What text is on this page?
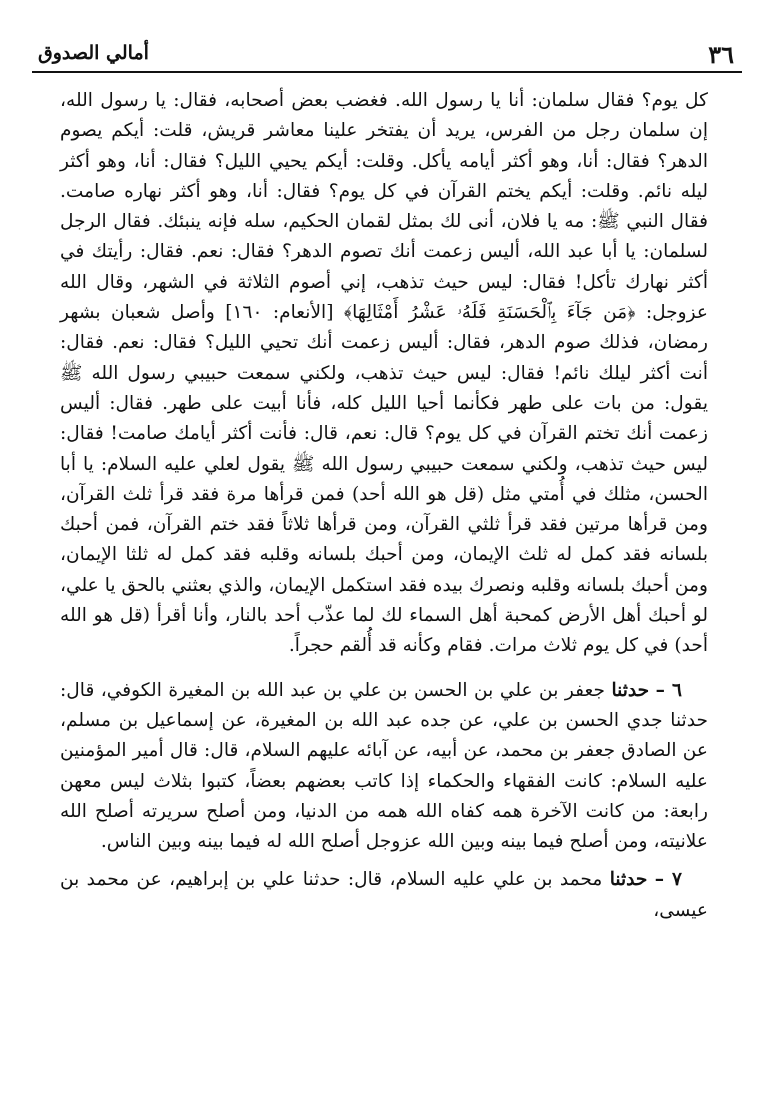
٣٦
أمالي الصدوق

كل يوم؟ فقال سلمان: أنا يا رسول الله. فغضب بعض أصحابه، فقال: يا رسول الله، إن سلمان رجل من الفرس، يريد أن يفتخر علينا معاشر قريش، قلت: أيكم يصوم الدهر؟ فقال: أنا، وهو أكثر أيامه يأكل. وقلت: أيكم يحيي الليل؟ فقال: أنا، وهو أكثر ليله نائم. وقلت: أيكم يختم القرآن في كل يوم؟ فقال: أنا، وهو أكثر نهاره صامت. فقال النبي ﷺ: مه يا فلان، أنى لك بمثل لقمان الحكيم، سله فإنه ينبئك. فقال الرجل لسلمان: يا أبا عبد الله، أليس زعمت أنك تصوم الدهر؟ فقال: نعم. فقال: رأيتك في أكثر نهارك تأكل! فقال: ليس حيث تذهب، إني أصوم الثلاثة في الشهر، وقال الله عزوجل: ﴿مَن جَآءَ بِٱلْحَسَنَةِ فَلَهُۥ عَشْرُ أَمْثَالِهَا﴾ [الأنعام: ١٦٠] وأصل شعبان بشهر رمضان، فذلك صوم الدهر، فقال: أليس زعمت أنك تحيي الليل؟ فقال: نعم. فقال: أنت أكثر ليلك نائم! فقال: ليس حيث تذهب، ولكني سمعت حبيبي رسول الله ﷺ يقول: من بات على طهر فكأنما أحيا الليل كله، فأنا أبيت على طهر. فقال: أليس زعمت أنك تختم القرآن في كل يوم؟ قال: نعم، قال: فأنت أكثر أيامك صامت! فقال: ليس حيث تذهب، ولكني سمعت حبيبي رسول الله ﷺ يقول لعلي عليه السلام: يا أبا الحسن، مثلك في أُمتي مثل (قل هو الله أحد) فمن قرأها مرة فقد قرأ ثلث القرآن، ومن قرأها مرتين فقد قرأ ثلثي القرآن، ومن قرأها ثلاثاً فقد ختم القرآن، فمن أحبك بلسانه فقد كمل له ثلث الإيمان، ومن أحبك بلسانه وقلبه فقد كمل له ثلثا الإيمان، ومن أحبك بلسانه وقلبه ونصرك بيده فقد استكمل الإيمان، والذي بعثني بالحق يا علي، لو أحبك أهل الأرض كمحبة أهل السماء لك لما عذّب أحد بالنار، وأنا أقرأ (قل هو الله أحد) في كل يوم ثلاث مرات. فقام وكأنه قد أُلقم حجراً.

٦ – حدثنا جعفر بن علي بن الحسن بن علي بن عبد الله بن المغيرة الكوفي، قال: حدثنا جدي الحسن بن علي، عن جده عبد الله بن المغيرة، عن إسماعيل بن مسلم، عن الصادق جعفر بن محمد، عن أبيه، عن آبائه عليهم السلام، قال: قال أمير المؤمنين عليه السلام: كانت الفقهاء والحكماء إذا كاتب بعضهم بعضاً، كتبوا بثلاث ليس معهن رابعة: من كانت الآخرة همه كفاه الله همه من الدنيا، ومن أصلح سريرته أصلح الله علانيته، ومن أصلح فيما بينه وبين الله عزوجل أصلح الله له فيما بينه وبين الناس.

٧ – حدثنا محمد بن علي عليه السلام، قال: حدثنا علي بن إبراهيم، عن محمد بن عيسى،
